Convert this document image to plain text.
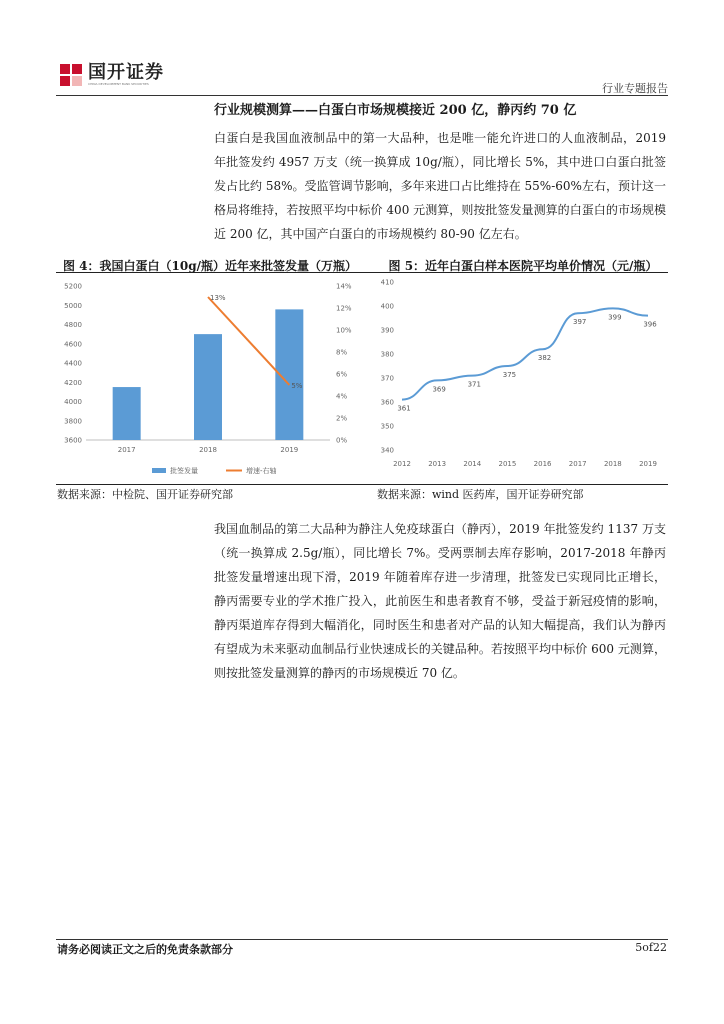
国开证券
CHINA DEVELOPMENT BANK SECURITIES	行业专题报告
行业规模测算——白蛋白市场规模接近 200 亿，静丙约 70 亿
白蛋白是我国血液制品中的第一大品种，也是唯一能允许进口的人血液制品，2019 年批签发约 4957 万支（统一换算成 10g/瓶），同比增长 5%，其中进口白蛋白批签发占比约 58%。受监管调节影响，多年来进口占比维持在 55%-60%左右，预计这一格局将维持，若按照平均中标价 400 元测算，则按批签发量测算的白蛋白的市场规模近 200 亿，其中国产白蛋白的市场规模约 80-90 亿左右。
图 4：我国白蛋白（10g/瓶）近年来批签发量（万瓶）	图 5：近年白蛋白样本医院平均单价情况（元/瓶）
3600
3800
4000
4200
4400
4600
4800
5000
5200
0%
2%
4%
6%
8%
10%
12%
14%
2017	2018	2019
13%
5%
批签发量	增速-右轴
340
350
360
370
380
390
400
410
2012 2013 2014 2015 2016 2017 2018 2019
361
369
371
375
382
397
399
396
数据来源：中检院、国开证券研究部	数据来源：wind 医药库，国开证券研究部
我国血制品的第二大品种为静注人免疫球蛋白（静丙），2019 年批签发约 1137 万支（统一换算成 2.5g/瓶），同比增长 7%。受两票制去库存影响，2017-2018 年静丙批签发量增速出现下滑，2019 年随着库存进一步清理，批签发已实现同比正增长，静丙需要专业的学术推广投入，此前医生和患者教育不够，受益于新冠疫情的影响，静丙渠道库存得到大幅消化，同时医生和患者对产品的认知大幅提高，我们认为静丙有望成为未来驱动血制品行业快速成长的关键品种。若按照平均中标价 600 元测算，则按批签发量测算的静丙的市场规模近 70 亿。
请务必阅读正文之后的免责条款部分	5of22
